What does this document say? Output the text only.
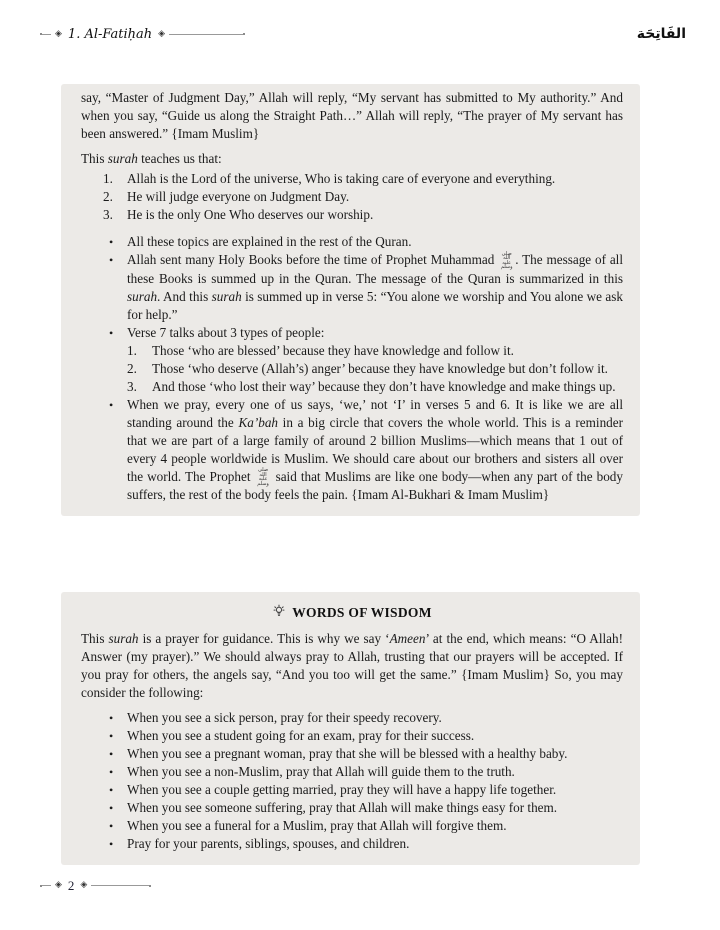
◈ 1. Al-Fatiḥah ◈	الفَاتِحَة

say, “Master of Judgment Day,” Allah will reply, “My servant has submitted to My authority.” And when you say, “Guide us along the Straight Path…” Allah will reply, “The prayer of My servant has been answered.” {Imam Muslim}

This surah teaches us that:

Allah is the Lord of the universe, Who is taking care of everyone and everything.
He will judge everyone on Judgment Day.
He is the only One Who deserves our worship.
• All these topics are explained in the rest of the Quran.
• Allah sent many Holy Books before the time of Prophet Muhammad صلى الله عليه وسلم . The message of all these Books is summed up in the Quran. The message of the Quran is summarized in this surah. And this surah is summed up in verse 5: “You alone we worship and You alone we ask for help.”
• Verse 7 talks about 3 types of people:
Those ‘who are blessed’ because they have knowledge and follow it.
Those ‘who deserve (Allah’s) anger’ because they have knowledge but don’t follow it.
And those ‘who lost their way’ because they don’t have knowledge and make things up.
• When we pray, every one of us says, ‘we,’ not ‘I’ in verses 5 and 6. It is like we are all standing around the Ka’bah in a big circle that covers the whole world. This is a reminder that we are part of a large family of around 2 billion Muslims—which means that 1 out of every 4 people worldwide is Muslim. We should care about our brothers and sisters all over the world. The Prophet صلى الله عليه وسلم said that Muslims are like one body—when any part of the body suffers, the rest of the body feels the pain. {Imam Al-Bukhari & Imam Muslim}
WORDS OF WISDOM

This surah is a prayer for guidance. This is why we say ‘Ameen’ at the end, which means: “O Allah! Answer (my prayer).” We should always pray to Allah, trusting that our prayers will be accepted. If you pray for others, the angels say, “And you too will get the same.” {Imam Muslim} So, you may consider the following:

• When you see a sick person, pray for their speedy recovery.
• When you see a student going for an exam, pray for their success.
• When you see a pregnant woman, pray that she will be blessed with a healthy baby.
• When you see a non-Muslim, pray that Allah will guide them to the truth.
• When you see a couple getting married, pray they will have a happy life together.
• When you see someone suffering, pray that Allah will make things easy for them.
• When you see a funeral for a Muslim, pray that Allah will forgive them.
• Pray for your parents, siblings, spouses, and children.
◈ 2 ◈
